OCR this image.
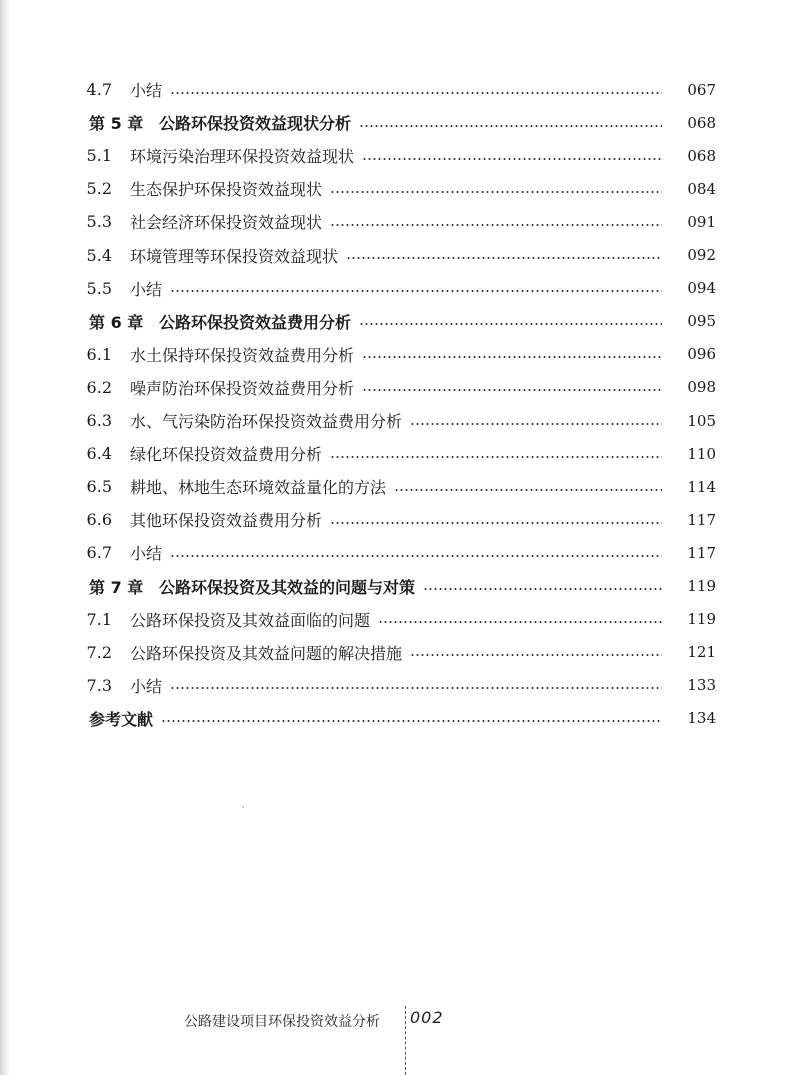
4.7	小结	067
第 5 章 公路环保投资效益现状分析	068
5.1	环境污染治理环保投资效益现状	068
5.2	生态保护环保投资效益现状	084
5.3	社会经济环保投资效益现状	091
5.4	环境管理等环保投资效益现状	092
5.5	小结	094
第 6 章 公路环保投资效益费用分析	095
6.1	水土保持环保投资效益费用分析	096
6.2	噪声防治环保投资效益费用分析	098
6.3	水、气污染防治环保投资效益费用分析	105
6.4	绿化环保投资效益费用分析	110
6.5	耕地、林地生态环境效益量化的方法	114
6.6	其他环保投资效益费用分析	117
6.7	小结	117
第 7 章 公路环保投资及其效益的问题与对策	119
7.1	公路环保投资及其效益面临的问题	119
7.2	公路环保投资及其效益问题的解决措施	121
7.3	小结	133
参考文献	134
公路建设项目环保投资效益分析 002
